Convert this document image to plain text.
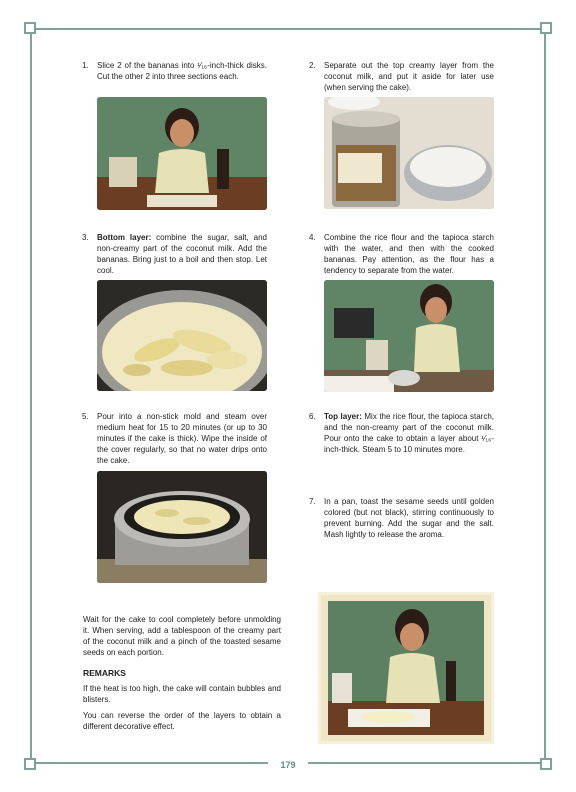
1. Slice 2 of the bananas into ¹⁄₁₆-inch-thick disks. Cut the other 2 into three sections each.
2. Separate out the top creamy layer from the coconut milk, and put it aside for later use (when serving the cake).
3. Bottom layer: combine the sugar, salt, and non-creamy part of the coconut milk. Add the bananas. Bring just to a boil and then stop. Let cool.
4. Combine the rice flour and the tapioca starch with the water, and then with the cooked bananas. Pay attention, as the flour has a tendency to separate from the water.
5. Pour into a non-stick mold and steam over medium heat for 15 to 20 minutes (or up to 30 minutes if the cake is thick). Wipe the inside of the cover regularly, so that no water drips onto the cake.
6. Top layer: Mix the rice flour, the tapioca starch, and the non-creamy part of the coconut milk. Pour onto the cake to obtain a layer about ¹⁄₁₆-inch-thick. Steam 5 to 10 minutes more.
7. In a pan, toast the sesame seeds until golden colored (but not black), stirring continuously to prevent burning. Add the sugar and the salt. Mash lightly to release the aroma.
Wait for the cake to cool completely before unmolding it. When serving, add a tablespoon of the creamy part of the coconut milk and a pinch of the toasted sesame seeds on each portion.
REMARKS
If the heat is too high, the cake will contain bubbles and blisters.
You can reverse the order of the layers to obtain a different decorative effect.
179
